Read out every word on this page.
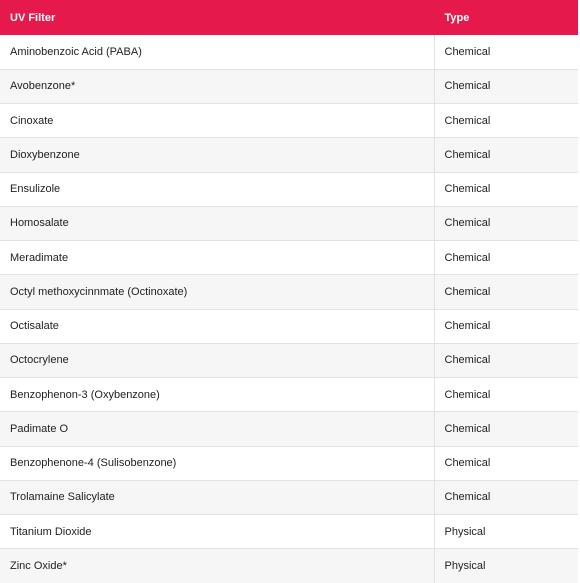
UV Filter	Type
Aminobenzoic Acid (PABA)	Chemical
Avobenzone*	Chemical
Cinoxate	Chemical
Dioxybenzone	Chemical
Ensulizole	Chemical
Homosalate	Chemical
Meradimate	Chemical
Octyl methoxycinnmate (Octinoxate)	Chemical
Octisalate	Chemical
Octocrylene	Chemical
Benzophenon-3 (Oxybenzone)	Chemical
Padimate O	Chemical
Benzophenone-4 (Sulisobenzone)	Chemical
Trolamaine Salicylate	Chemical
Titanium Dioxide	Physical
Zinc Oxide*	Physical
